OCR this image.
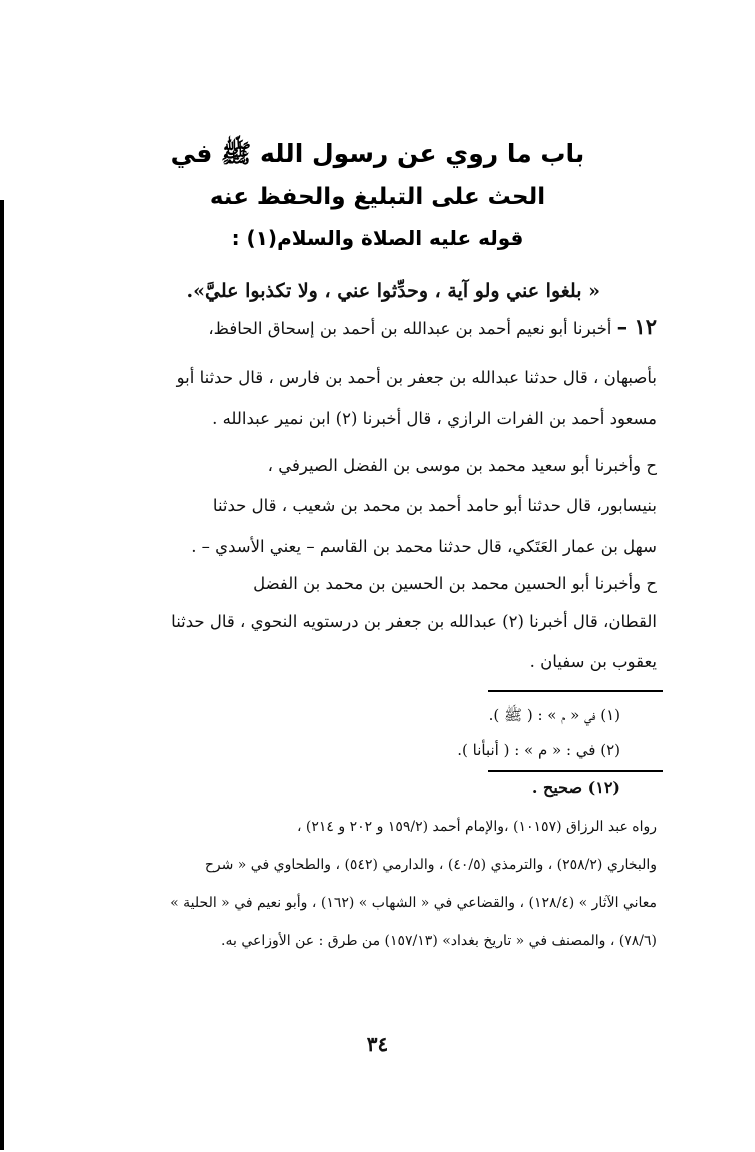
باب ما روي عن رسول الله ﷺ في
الحث على التبليغ والحفظ عنه
قوله عليه الصلاة والسلام(١) :
« بلغوا عني ولو آية ، وحدِّثوا عني ، ولا تكذبوا عليَّ».
١٢ – أخبرنا أبو نعيم أحمد بن عبدالله بن أحمد بن إسحاق الحافظ،
بأصبهان ، قال حدثنا عبدالله بن جعفر بن أحمد بن فارس ، قال حدثنا أبو
مسعود أحمد بن الفرات الرازي ، قال أخبرنا (٢) ابن نمير عبدالله .
ح وأخبرنا أبو سعيد محمد بن موسى بن الفضل الصيرفي ،
بنيسابور، قال حدثنا أبو حامد أحمد بن محمد بن شعيب ، قال حدثنا
سهل بن عمار العَتَكي، قال حدثنا محمد بن القاسم – يعني الأسدي – .
ح وأخبرنا أبو الحسين محمد بن الحسين بن محمد بن الفضل
القطان، قال أخبرنا (٢) عبدالله بن جعفر بن درستويه النحوي ، قال حدثنا
يعقوب بن سفيان .
(١) في « م » : ( ﷺ ).
(٢) في : « م » : ( أنبأنا ).
(١٢) صحيح .
رواه عبد الرزاق (١٠١٥٧) ،والإمام أحمد (١٥٩/٢ و ٢٠٢ و ٢١٤) ،
والبخاري (٢٥٨/٢) ، والترمذي (٤٠/٥) ، والدارمي (٥٤٢) ، والطحاوي في « شرح
معاني الآثار » (١٢٨/٤) ، والقضاعي في « الشهاب » (١٦٢) ، وأبو نعيم في « الحلية »
(٧٨/٦) ، والمصنف في « تاريخ بغداد» (١٥٧/١٣) من طرق : عن الأوزاعي به.
٣٤
